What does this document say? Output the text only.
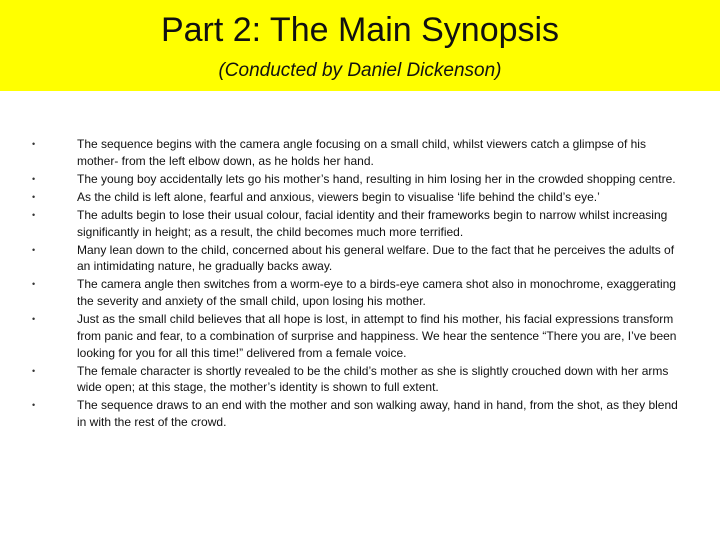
Part 2: The Main Synopsis
(Conducted by Daniel Dickenson)
•	The sequence begins with the camera angle focusing on a small child, whilst viewers catch a glimpse of his mother- from the left elbow down, as he holds her hand.
•	The young boy accidentally lets go his mother’s hand, resulting in him losing her in the crowded shopping centre.
•	As the child is left alone, fearful and anxious, viewers begin to visualise ‘life behind the child’s eye.’
•	The adults begin to lose their usual colour, facial identity and their frameworks begin to narrow whilst increasing significantly in height; as a result, the child becomes much more terrified.
•	Many lean down to the child, concerned about his general welfare. Due to the fact that he perceives the adults of an intimidating nature, he gradually backs away.
•	The camera angle then switches from a worm-eye to a birds-eye camera shot also in monochrome, exaggerating the severity and anxiety of the small child, upon losing his mother.
•	Just as the small child believes that all hope is lost, in attempt to find his mother, his facial expressions transform from panic and fear, to a combination of surprise and happiness. We hear the sentence “There you are, I’ve been looking for you for all this time!” delivered from a female voice.
•	The female character is shortly revealed to be the child’s mother as she is slightly crouched down with her arms wide open; at this stage, the mother’s identity is shown to full extent.
•	The sequence draws to an end with the mother and son walking away, hand in hand, from the shot, as they blend in with the rest of the crowd.
